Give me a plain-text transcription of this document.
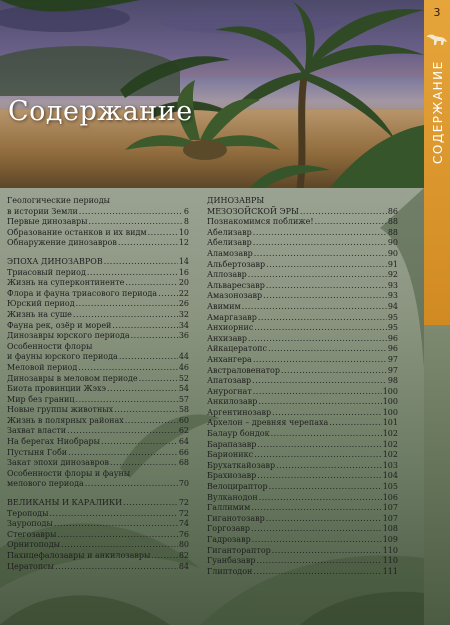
Содержание
3
СОДЕРЖАНИЕ
Геологические периоды
в истории Земли .....	6
Первые динозавры .....	8
Образование останков и их видм .....	10
Обнаружение динозавров .....	12
ЭПОХА ДИНОЗАВРОВ .....	14
Триасовый период .....	16
Жизнь на суперконтиненте .....	20
Флора и фауна триасового периода .....	22
Юрский период .....	26
Жизнь на суше .....	32
Фауна рек, озёр и морей .....	34
Динозавры юрского периода .....	36
Особенности флоры
и фауны юрского периода .....	44
Меловой период .....	46
Динозавры в меловом периоде .....	52
Биота провинции Жэхэ .....	54
Мир без границ .....	57
Новые группы животных .....	58
Жизнь в полярных районах .....	60
Захват власти .....	62
На берегах Ниобрары .....	64
Пустыня Гоби .....	66
Закат эпохи динозавров .....	68
Особенности флоры и фауны
мелового периода .....	70
ВЕЛИКАНЫ И КАРАЛИКИ .....	72
Тероподы .....	72
Зауроподы .....	74
Стегозавры .....	76
Орнитоподы .....	80
Пахицефалозавры и анкилозавры .....	82
Цератопсы .....	84
ДИНОЗАВРЫ
МЕЗОЗОЙСКОЙ ЭРЫ .....	86
Познакомимся поближе! .....	88
Абелизавр .....	88
Абелизавр .....	90
Аламозавр .....	90
Альбертозавр .....	91
Аллозавр .....	92
Альваресзавр .....	93
Амазонозавр .....	93
Авимим .....	94
Амаргазавр .....	95
Анхиорнис .....	95
Анхизавр .....	96
Айкацератопс .....	96
Анхангера .....	97
Австраловенатор .....	97
Апатозавр .....	98
Анурогнат .....	100
Анкилозавр .....	100
Аргентинозавр .....	100
Архелон – древняя черепаха .....	101
Балаур бондок .....	102
Барапазавр .....	102
Барионикс .....	102
Брухаткайозавр .....	103
Брахиозавр .....	104
Велоцираптор .....	105
Вулканодон .....	106
Галлимим .....	107
Гиганотозавр .....	107
Горгозавр .....	108
Гадрозавр .....	109
Гигантораптор .....	110
Гуанбазавр .....	110
Глиптодон .....	111
